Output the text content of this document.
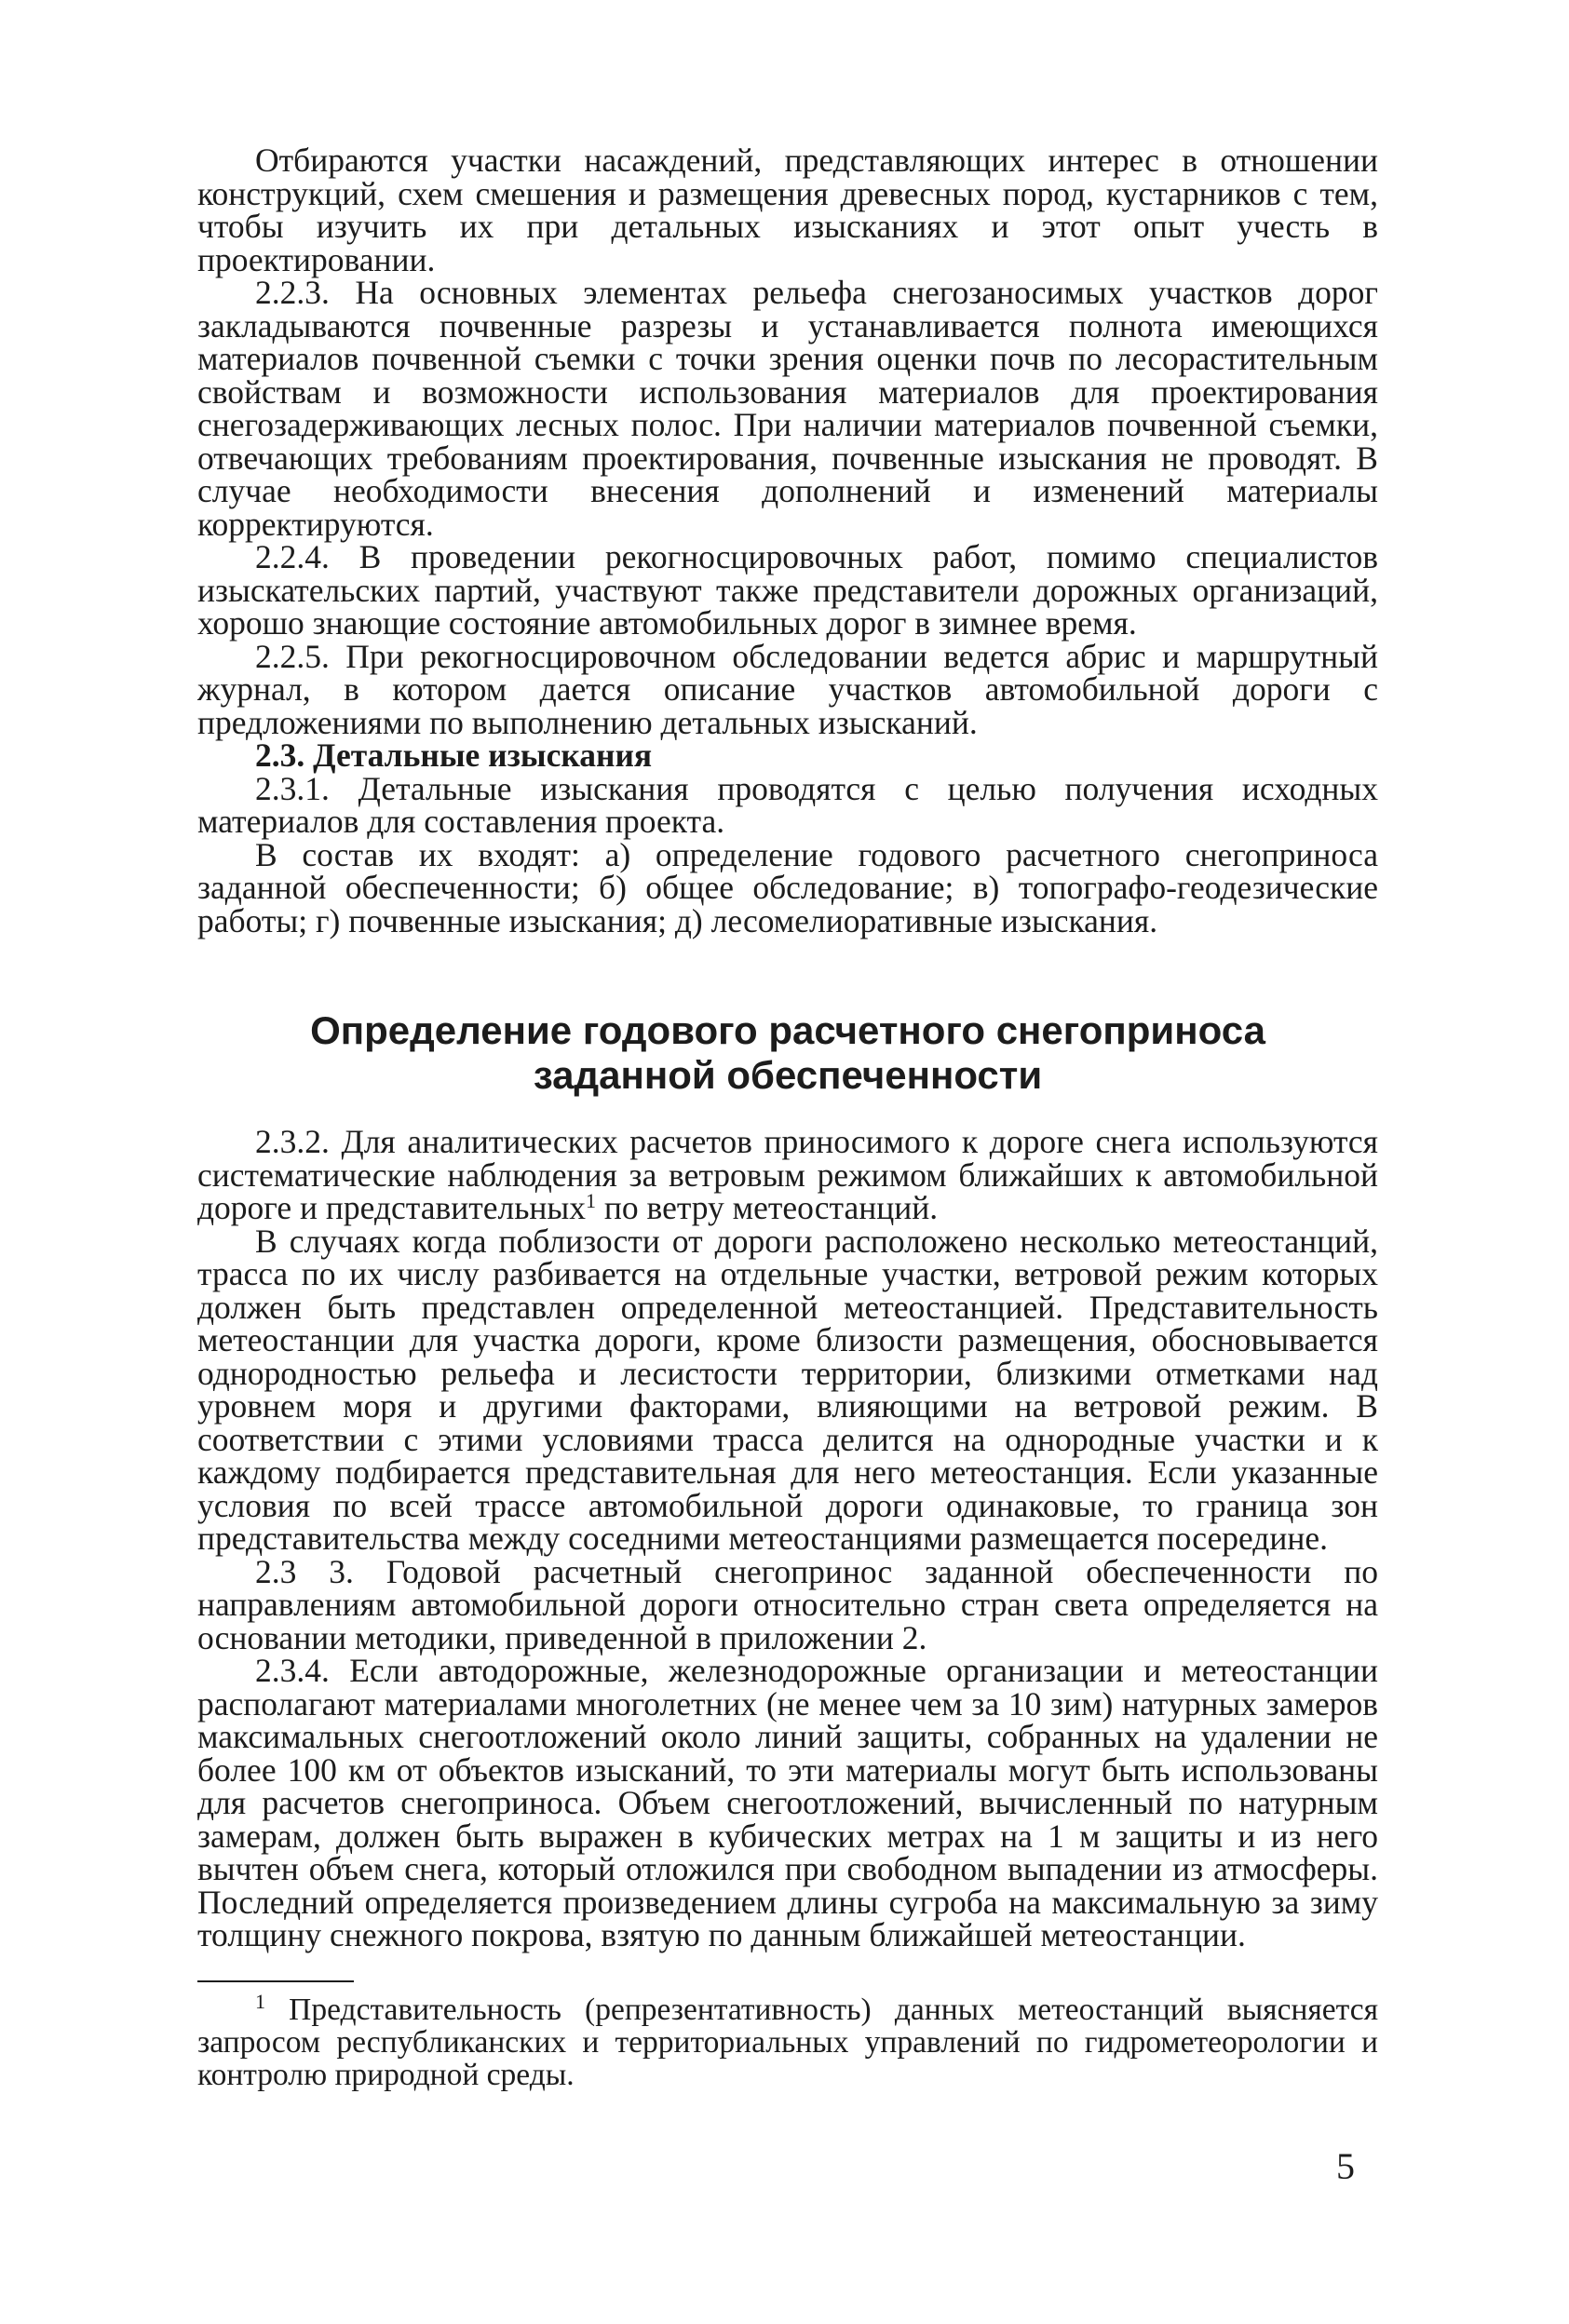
Отбираются участки насаждений, представляющих интерес в отношении конструкций, схем смешения и размещения древесных пород, кустарников с тем, чтобы изучить их при детальных изысканиях и этот опыт учесть в проектировании.

2.2.3. На основных элементах рельефа снегозаносимых участков дорог закладываются почвенные разрезы и устанавливается полнота имеющихся материалов почвенной съемки с точки зрения оценки почв по лесорастительным свойствам и возможности использования материалов для проектирования снегозадерживающих лесных полос. При наличии материалов почвенной съемки, отвечающих требованиям проектирования, почвенные изыскания не проводят. В случае необходимости внесения дополнений и изменений материалы корректируются.

2.2.4. В проведении рекогносцировочных работ, помимо специалистов изыскательских партий, участвуют также представители дорожных организаций, хорошо знающие состояние автомобильных дорог в зимнее время.

2.2.5. При рекогносцировочном обследовании ведется абрис и маршрутный журнал, в котором дается описание участков автомобильной дороги с предложениями по выполнению детальных изысканий.

2.3. Детальные изыскания

2.3.1. Детальные изыскания проводятся с целью получения исходных материалов для составления проекта.

В состав их входят: а) определение годового расчетного снегоприноса заданной обеспеченности; б) общее обследование; в) топографо-геодезические работы; г) почвенные изыскания; д) лесомелиоративные изыскания.

Определение годового расчетного снегоприноса заданной обеспеченности

2.3.2. Для аналитических расчетов приносимого к дороге снега используются систематические наблюдения за ветровым режимом ближайших к автомобильной дороге и представительных$^1$ по ветру метеостанций.

В случаях когда поблизости от дороги расположено несколько метеостанций, трасса по их числу разбивается на отдельные участки, ветровой режим которых должен быть представлен определенной метеостанцией. Представительность метеостанции для участка дороги, кроме близости размещения, обосновывается однородностью рельефа и лесистости территории, близкими отметками над уровнем моря и другими факторами, влияющими на ветровой режим. В соответствии с этими условиями трасса делится на однородные участки и к каждому подбирается представительная для него метеостанция. Если указанные условия по всей трассе автомобильной дороги одинаковые, то граница зон представительства между соседними метеостанциями размещается посередине.

2.3 3. Годовой расчетный снегопринос заданной обеспеченности по направлениям автомобильной дороги относительно стран света определяется на основании методики, приведенной в приложении 2.

2.3.4. Если автодорожные, железнодорожные организации и метеостанции располагают материалами многолетних (не менее чем за 10 зим) натурных замеров максимальных снегоотложений около линий защиты, собранных на удалении не более 100 км от объектов изысканий, то эти материалы могут быть использованы для расчетов снегоприноса. Объем снегоотложений, вычисленный по натурным замерам, должен быть выражен в кубических метрах на 1 м защиты и из него вычтен объем снега, который отложился при свободном выпадении из атмосферы. Последний определяется произведением длины сугроба на максимальную за зиму толщину снежного покрова, взятую по данным ближайшей метеостанции.

$^1$ Представительность (репрезентативность) данных метеостанций выясняется запросом республиканских и территориальных управлений по гидрометеорологии и контролю природной среды.

5
